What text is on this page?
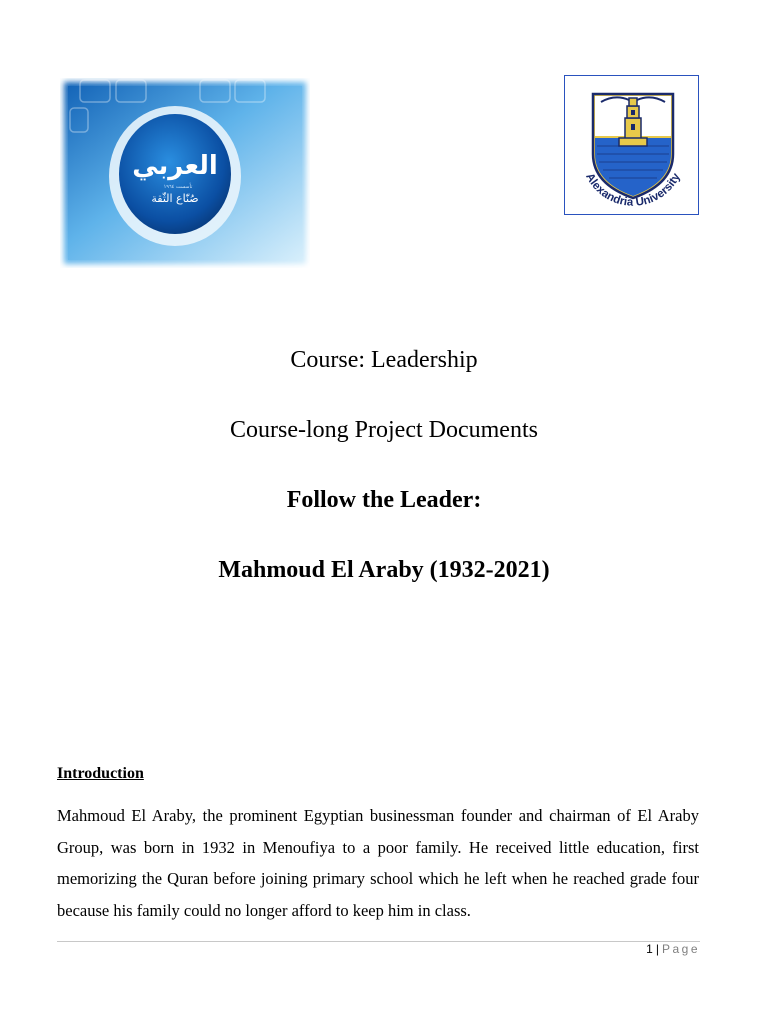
العربي
تأسست ١٩٦٤
صُنّاع الثّقة
Alexandria University
Course: Leadership
Course-long Project Documents
Follow the Leader:
Mahmoud El Araby (1932-2021)
Introduction

Mahmoud El Araby, the prominent Egyptian businessman founder and chairman of El Araby Group, was born in 1932 in Menoufiya to a poor family. He received little education, first memorizing the Quran before joining primary school which he left when he reached grade four because his family could no longer afford to keep him in class.

1 | Page
